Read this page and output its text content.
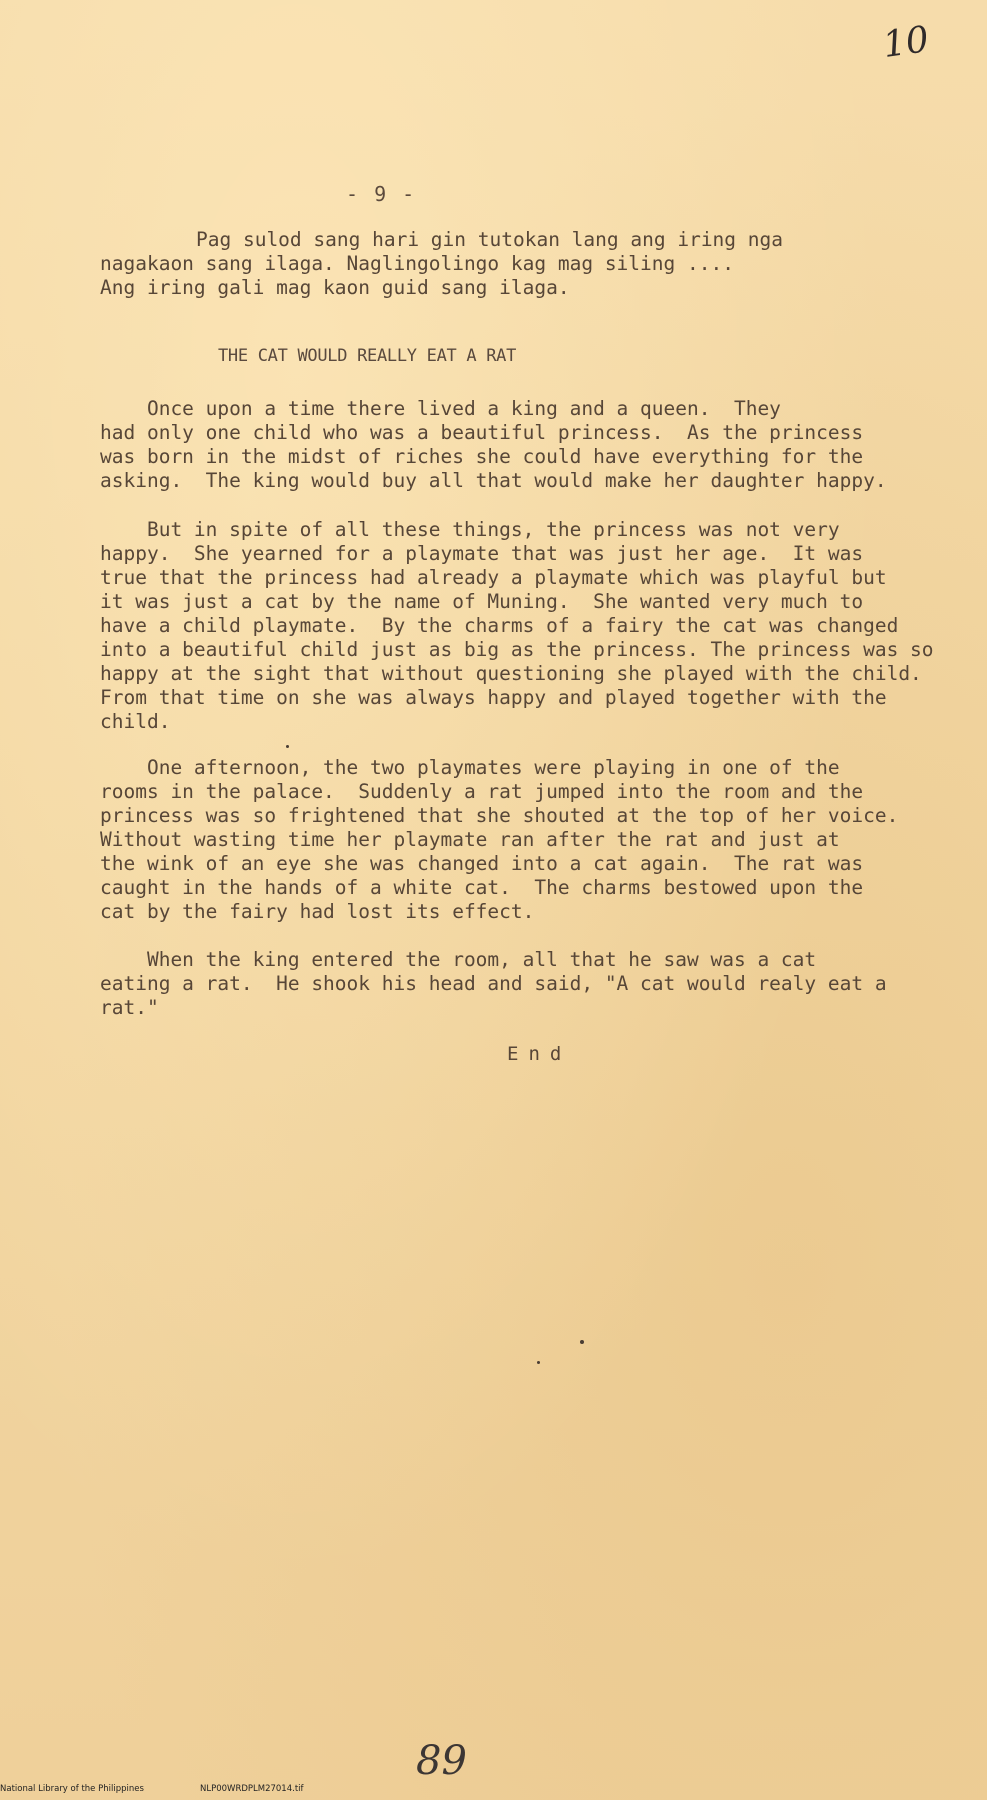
10
- 9 -
Pag sulod sang hari gin tutokan lang ang iring nga
nagakaon sang ilaga. Naglingolingo kag mag siling ....
Ang iring gali mag kaon guid sang ilaga.
THE CAT WOULD REALLY EAT A RAT
Once upon a time there lived a king and a queen.  They
had only one child who was a beautiful princess.  As the princess
was born in the midst of riches she could have everything for the
asking.  The king would buy all that would make her daughter happy.
But in spite of all these things, the princess was not very
happy.  She yearned for a playmate that was just her age.  It was
true that the princess had already a playmate which was playful but
it was just a cat by the name of Muning.  She wanted very much to
have a child playmate.  By the charms of a fairy the cat was changed
into a beautiful child just as big as the princess. The princess was so
happy at the sight that without questioning she played with the child.
From that time on she was always happy and played together with the
child.
One afternoon, the two playmates were playing in one of the
rooms in the palace.  Suddenly a rat jumped into the room and the
princess was so frightened that she shouted at the top of her voice.
Without wasting time her playmate ran after the rat and just at
the wink of an eye she was changed into a cat again.  The rat was
caught in the hands of a white cat.  The charms bestowed upon the
cat by the fairy had lost its effect.
When the king entered the room, all that he saw was a cat
eating a rat.  He shook his head and said, "A cat would realy eat a
rat."
End
89
National Library of the Philippines	NLP00WRDPLM27014.tif
